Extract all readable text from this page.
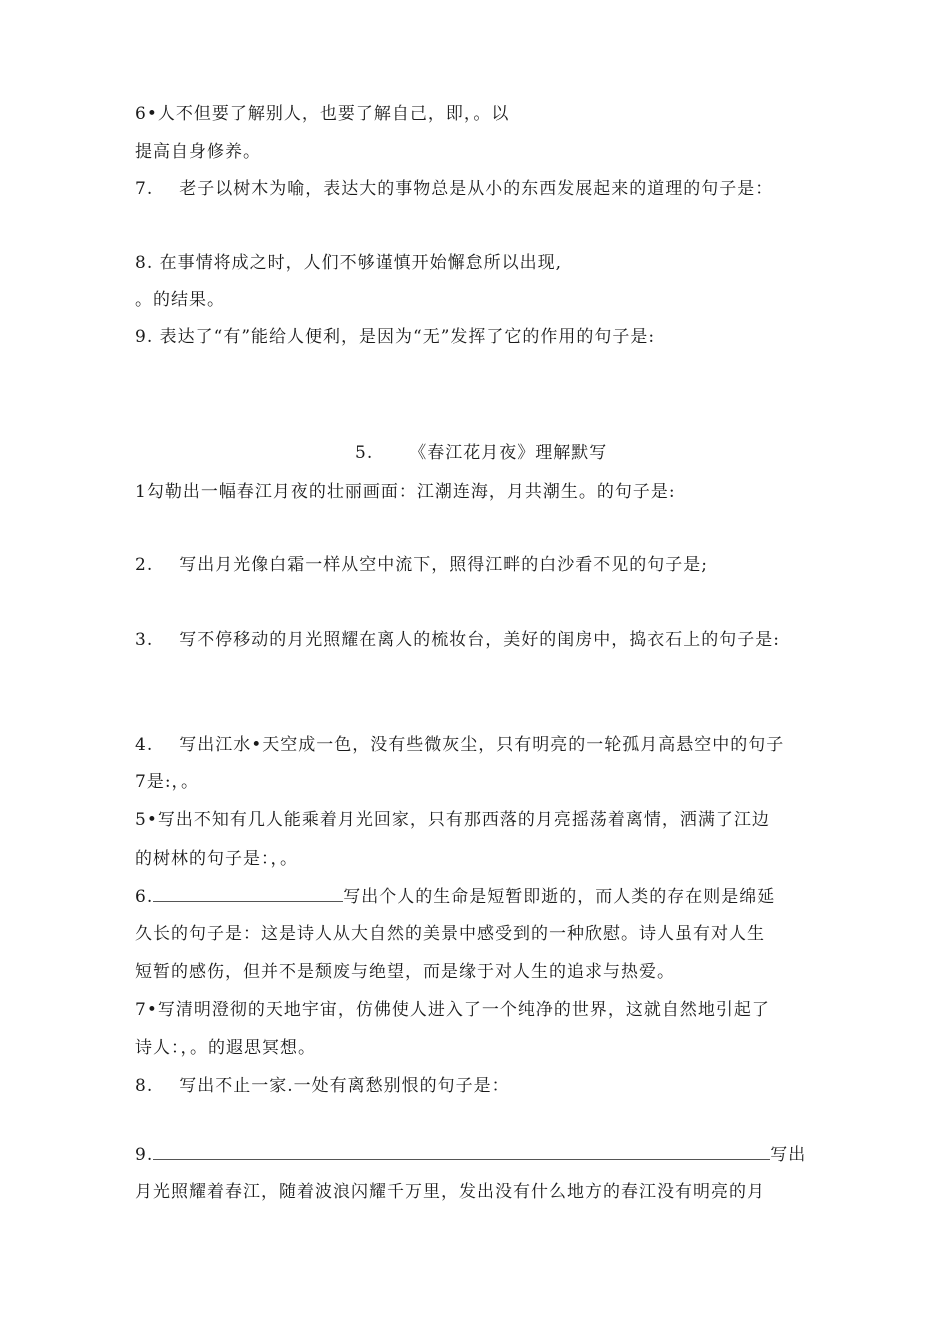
6•人不但要了解别人，也要了解自己，即，。以
提高自身修养。
7. 老子以树木为喻，表达大的事物总是从小的东西发展起来的道理的句子是：
8. 在事情将成之时，人们不够谨慎开始懈怠所以出现,
。的结果。
9. 表达了“有”能给人便利，是因为“无”发挥了它的作用的句子是:
5. 《春江花月夜》理解默写
1勾勒出一幅春江月夜的壮丽画面：江潮连海，月共潮生。的句子是:
2. 写出月光像白霜一样从空中流下，照得江畔的白沙看不见的句子是;
3. 写不停移动的月光照耀在离人的梳妆台，美好的闺房中，捣衣石上的句子是:
4. 写出江水•天空成一色，没有些微灰尘，只有明亮的一轮孤月高悬空中的句子
7是:，。
5•写出不知有几人能乘着月光回家，只有那西落的月亮摇荡着离情，洒满了江边
的树林的句子是：，。
6.	写出个人的生命是短暂即逝的，而人类的存在则是绵延
久长的句子是：这是诗人从大自然的美景中感受到的一种欣慰。诗人虽有对人生
短暂的感伤，但并不是颓废与绝望，而是缘于对人生的追求与热爱。
7•写清明澄彻的天地宇宙，仿佛使人进入了一个纯净的世界，这就自然地引起了
诗人：，。的遐思冥想。
8. 写出不止一家.一处有离愁别恨的句子是：
9.	写出
月光照耀着春江，随着波浪闪耀千万里，发出没有什么地方的春江没有明亮的月
